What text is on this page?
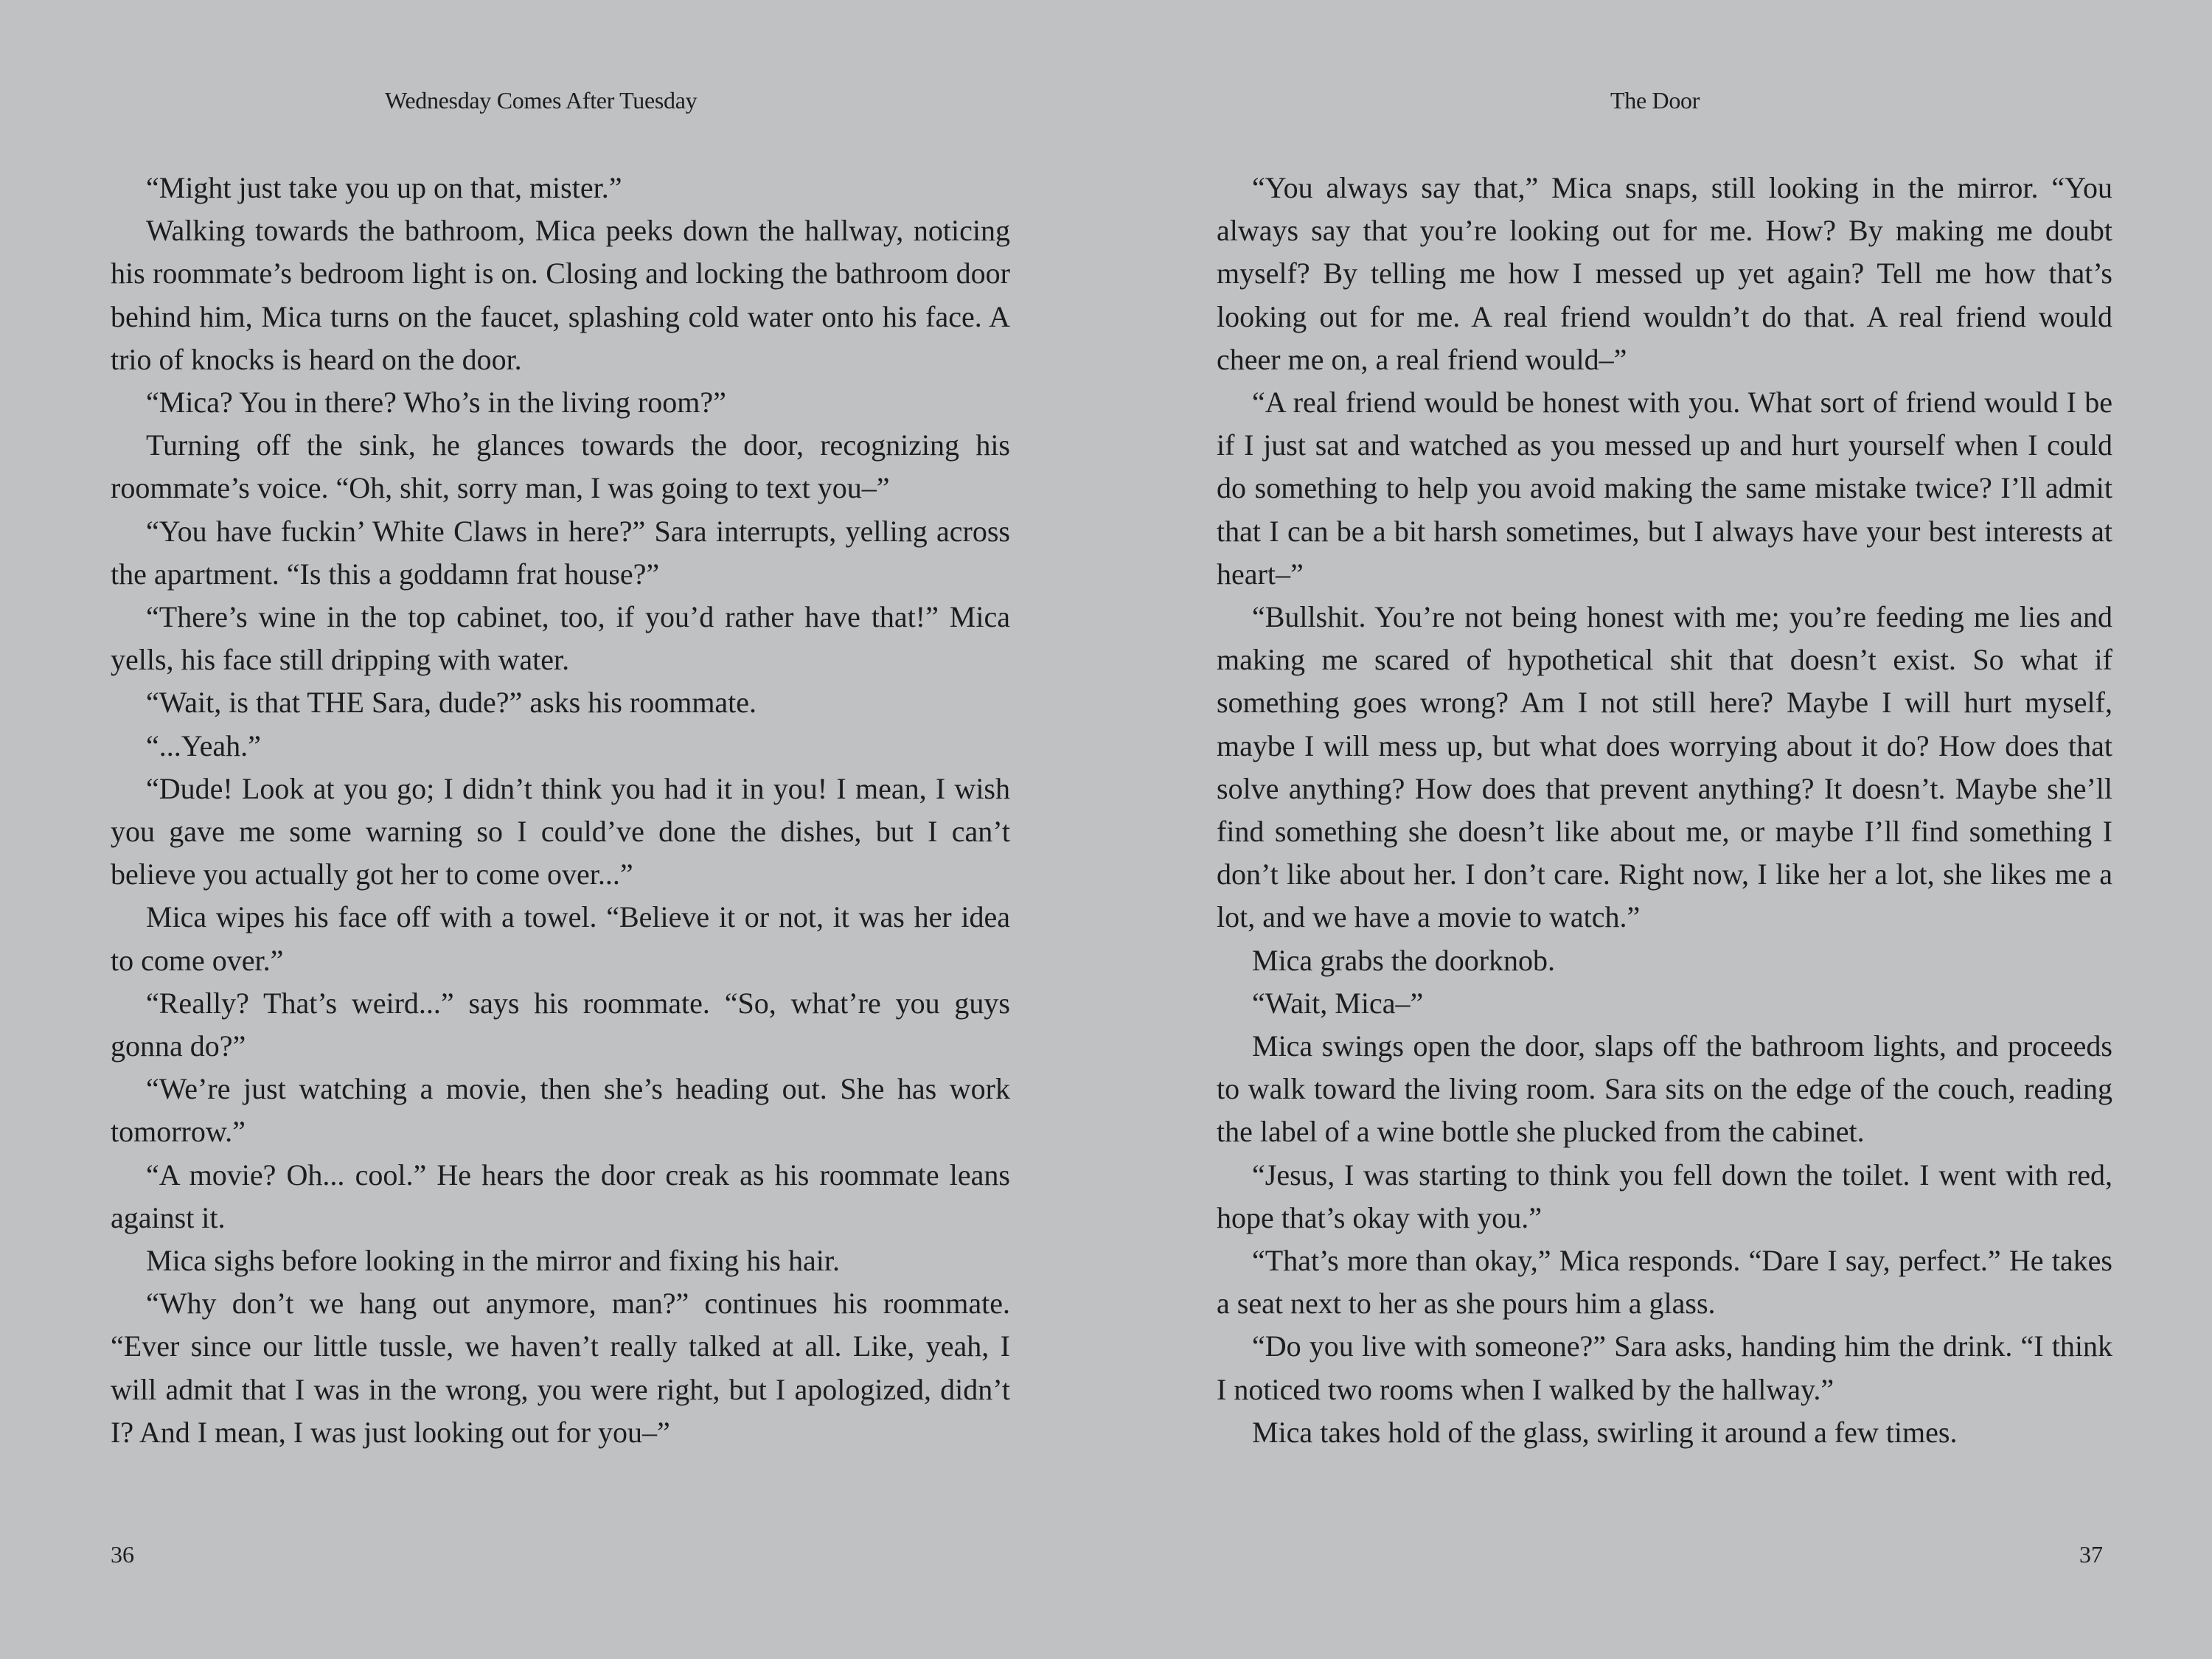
Wednesday Comes After Tuesday

“Might just take you up on that, mister.”

Walking towards the bathroom, Mica peeks down the hallway, noticing his roommate’s bedroom light is on. Closing and locking the bathroom door behind him, Mica turns on the faucet, splashing cold water onto his face. A trio of knocks is heard on the door.

“Mica? You in there? Who’s in the living room?”

Turning off the sink, he glances towards the door, recognizing his roommate’s voice. “Oh, shit, sorry man, I was going to text you–”

“You have fuckin’ White Claws in here?” Sara interrupts, yelling across the apartment. “Is this a goddamn frat house?”

“There’s wine in the top cabinet, too, if you’d rather have that!” Mica yells, his face still dripping with water.

“Wait, is that THE Sara, dude?” asks his roommate.

“...Yeah.”

“Dude! Look at you go; I didn’t think you had it in you! I mean, I wish you gave me some warning so I could’ve done the dishes, but I can’t believe you actually got her to come over...”

Mica wipes his face off with a towel. “Believe it or not, it was her idea to come over.”

“Really? That’s weird...” says his roommate. “So, what’re you guys gonna do?”

“We’re just watching a movie, then she’s heading out. She has work tomorrow.”

“A movie? Oh... cool.” He hears the door creak as his roommate leans against it.

Mica sighs before looking in the mirror and fixing his hair.

“Why don’t we hang out anymore, man?” continues his roommate. “Ever since our little tussle, we haven’t really talked at all. Like, yeah, I will admit that I was in the wrong, you were right, but I apologized, didn’t I? And I mean, I was just looking out for you–”

36
The Door

“You always say that,” Mica snaps, still looking in the mirror. “You always say that you’re looking out for me. How? By making me doubt myself? By telling me how I messed up yet again? Tell me how that’s looking out for me. A real friend wouldn’t do that. A real friend would cheer me on, a real friend would–”

“A real friend would be honest with you. What sort of friend would I be if I just sat and watched as you messed up and hurt yourself when I could do something to help you avoid making the same mistake twice? I’ll admit that I can be a bit harsh sometimes, but I always have your best interests at heart–”

“Bullshit. You’re not being honest with me; you’re feeding me lies and making me scared of hypothetical shit that doesn’t exist. So what if something goes wrong? Am I not still here? Maybe I will hurt myself, maybe I will mess up, but what does worrying about it do? How does that solve anything? How does that prevent anything? It doesn’t. Maybe she’ll find something she doesn’t like about me, or maybe I’ll find something I don’t like about her. I don’t care. Right now, I like her a lot, she likes me a lot, and we have a movie to watch.”

Mica grabs the doorknob.

“Wait, Mica–”

Mica swings open the door, slaps off the bathroom lights, and proceeds to walk toward the living room. Sara sits on the edge of the couch, reading the label of a wine bottle she plucked from the cabinet.

“Jesus, I was starting to think you fell down the toilet. I went with red, hope that’s okay with you.”

“That’s more than okay,” Mica responds. “Dare I say, perfect.” He takes a seat next to her as she pours him a glass.

“Do you live with someone?” Sara asks, handing him the drink. “I think I noticed two rooms when I walked by the hallway.”

Mica takes hold of the glass, swirling it around a few times.

37
